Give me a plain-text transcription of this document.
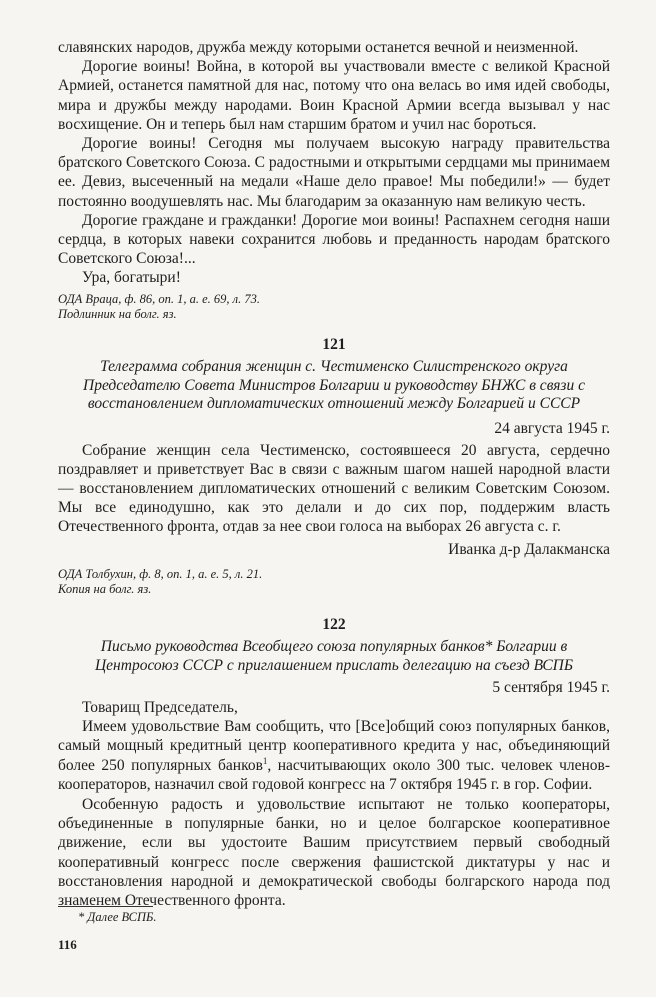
славянских народов, дружба между которыми останется вечной и неизменной.

Дорогие воины! Война, в которой вы участвовали вместе с великой Красной Армией, останется памятной для нас, потому что она велась во имя идей свободы, мира и дружбы между народами. Воин Красной Армии всегда вызывал у нас восхищение. Он и теперь был нам старшим братом и учил нас бороться.

Дорогие воины! Сегодня мы получаем высокую награду правительства братского Советского Союза. С радостными и открытыми сердцами мы принимаем ее. Девиз, высеченный на медали «Наше дело правое! Мы победили!» — будет постоянно воодушевлять нас. Мы благодарим за оказанную нам великую честь.

Дорогие граждане и гражданки! Дорогие мои воины! Распахнем сегодня наши сердца, в которых навеки сохранится любовь и преданность народам братского Советского Союза!...

Ура, богатыри!

ОДА Враца, ф. 86, оп. 1, а. е. 69, л. 73.

Подлинник на болг. яз.

121

Телеграмма собрания женщин с. Честименско Силистренского округа Председателю Совета Министров Болгарии и руководству БНЖС в связи с восстановлением дипломатических отношений между Болгарией и СССР

24 августа 1945 г.

Собрание женщин села Честименско, состоявшееся 20 августа, сердечно поздравляет и приветствует Вас в связи с важным шагом нашей народной власти — восстановлением дипломатических отношений с великим Советским Союзом. Мы все единодушно, как это делали и до сих пор, поддержим власть Отечественного фронта, отдав за нее свои голоса на выборах 26 августа с. г.

Иванка д-р Далакманска

ОДА Толбухин, ф. 8, оп. 1, а. е. 5, л. 21.

Копия на болг. яз.

122

Письмо руководства Всеобщего союза популярных банков* Болгарии в Центросоюз СССР с приглашением прислать делегацию на съезд ВСПБ

5 сентября 1945 г.

Товарищ Председатель,

Имеем удовольствие Вам сообщить, что [Все]общий союз популярных банков, самый мощный кредитный центр кооперативного кредита у нас, объединяющий более 250 популярных банков$^1$, насчитывающих около 300 тыс. человек членов-кооператоров, назначил свой годовой конгресс на 7 октября 1945 г. в гор. Софии.

Особенную радость и удовольствие испытают не только кооператоры, объединенные в популярные банки, но и целое болгарское кооперативное движение, если вы удостоите Вашим присутствием первый свободный кооперативный конгресс после свержения фашистской диктатуры у нас и восстановления народной и демократической свободы болгарского народа под знаменем Отечественного фронта.

* Далее ВСПБ.

116
